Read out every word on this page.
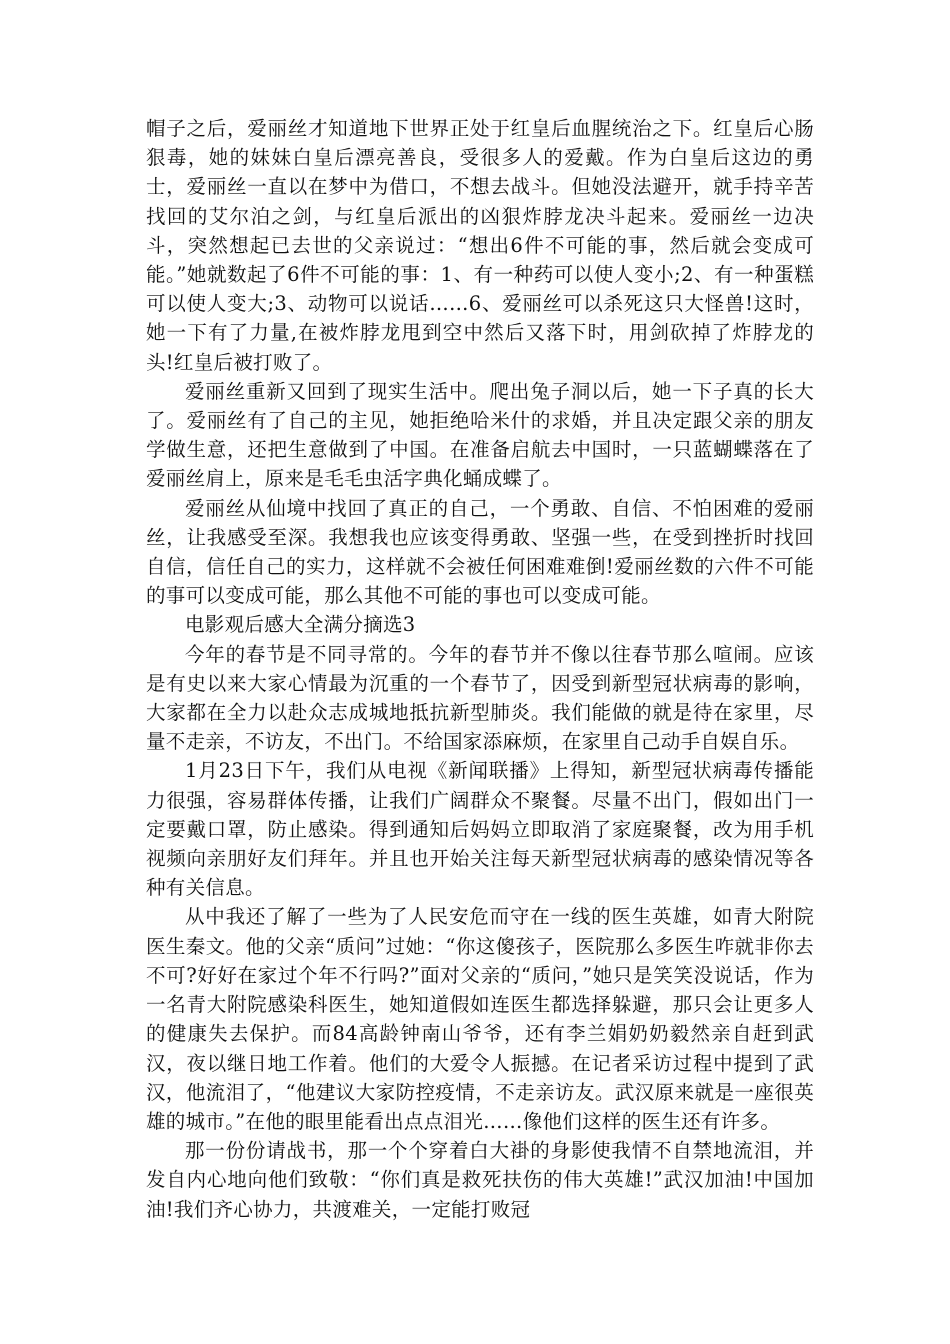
帽子之后，爱丽丝才知道地下世界正处于红皇后血腥统治之下。红皇后心肠狠毒，她的妹妹白皇后漂亮善良，受很多人的爱戴。作为白皇后这边的勇士，爱丽丝一直以在梦中为借口，不想去战斗。但她没法避开，就手持辛苦找回的艾尔泊之剑，与红皇后派出的凶狠炸脖龙决斗起来。爱丽丝一边决斗，突然想起已去世的父亲说过：“想出6件不可能的事，然后就会变成可能。”她就数起了6件不可能的事：1、有一种药可以使人变小;2、有一种蛋糕可以使人变大;3、动物可以说话……6、爱丽丝可以杀死这只大怪兽!这时，她一下有了力量,在被炸脖龙甩到空中然后又落下时，用剑砍掉了炸脖龙的头!红皇后被打败了。

爱丽丝重新又回到了现实生活中。爬出兔子洞以后，她一下子真的长大了。爱丽丝有了自己的主见，她拒绝哈米什的求婚，并且决定跟父亲的朋友学做生意，还把生意做到了中国。在准备启航去中国时，一只蓝蝴蝶落在了爱丽丝肩上，原来是毛毛虫活字典化蛹成蝶了。

爱丽丝从仙境中找回了真正的自己，一个勇敢、自信、不怕困难的爱丽丝，让我感受至深。我想我也应该变得勇敢、坚强一些，在受到挫折时找回自信，信任自己的实力，这样就不会被任何困难难倒!爱丽丝数的六件不可能的事可以变成可能，那么其他不可能的事也可以变成可能。

电影观后感大全满分摘选3

今年的春节是不同寻常的。今年的春节并不像以往春节那么喧闹。应该是有史以来大家心情最为沉重的一个春节了，因受到新型冠状病毒的影响，大家都在全力以赴众志成城地抵抗新型肺炎。我们能做的就是待在家里，尽量不走亲，不访友，不出门。不给国家添麻烦，在家里自己动手自娱自乐。

1月23日下午，我们从电视《新闻联播》上得知，新型冠状病毒传播能力很强，容易群体传播，让我们广阔群众不聚餐。尽量不出门，假如出门一定要戴口罩，防止感染。得到通知后妈妈立即取消了家庭聚餐，改为用手机视频向亲朋好友们拜年。并且也开始关注每天新型冠状病毒的感染情况等各种有关信息。

从中我还了解了一些为了人民安危而守在一线的医生英雄，如青大附院医生秦文。他的父亲“质问”过她：“你这傻孩子，医院那么多医生咋就非你去不可?好好在家过个年不行吗?”面对父亲的“质问，”她只是笑笑没说话，作为一名青大附院感染科医生，她知道假如连医生都选择躲避，那只会让更多人的健康失去保护。而84高龄钟南山爷爷，还有李兰娟奶奶毅然亲自赶到武汉，夜以继日地工作着。他们的大爱令人振撼。在记者采访过程中提到了武汉，他流泪了，“他建议大家防控疫情，不走亲访友。武汉原来就是一座很英雄的城市。”在他的眼里能看出点点泪光……像他们这样的医生还有许多。

那一份份请战书，那一个个穿着白大褂的身影使我情不自禁地流泪，并发自内心地向他们致敬：“你们真是救死扶伤的伟大英雄!”武汉加油!中国加油!我们齐心协力，共渡难关，一定能打败冠
